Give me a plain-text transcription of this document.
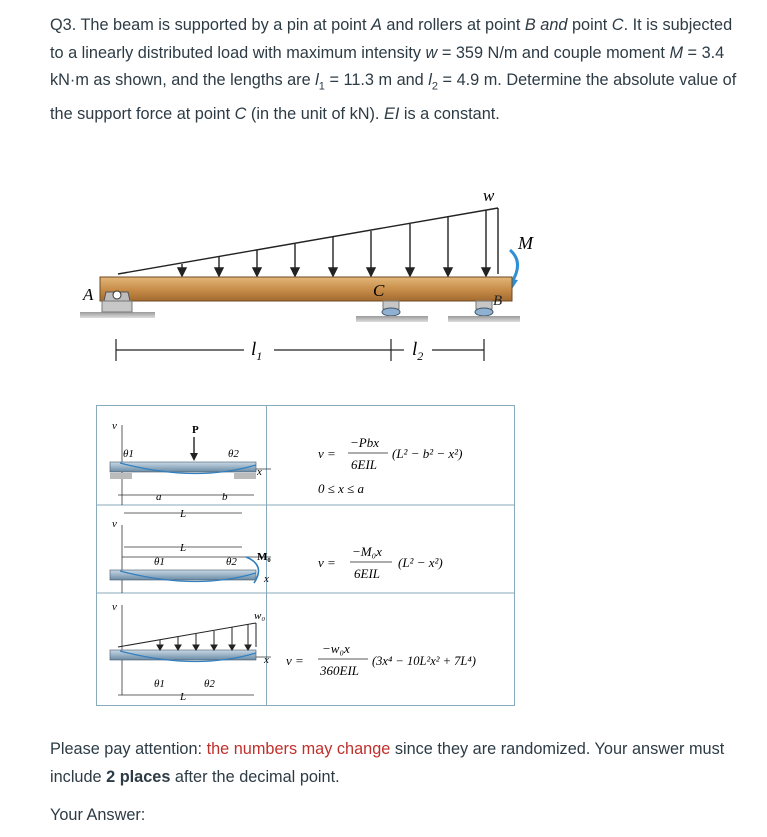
Q3. The beam is supported by a pin at point A and rollers at point B and point C. It is subjected to a linearly distributed load with maximum intensity w = 359 N/m and couple moment M = 3.4 kN·m as shown, and the lengths are $l_1 = 11.3$ m and $l_2 = 4.9$ m. Determine the absolute value of the support force at point C (in the unit of kN). EI is a constant.
w
M
A	C
B
$l_1$	$l_2$
v
θ1	θ2
P
x
a	b
L
v =
−Pbx
6EIL
(L² − b² − x²)
0 ≤ x ≤ a
v
θ1	θ2 M₀
x
L
v =
−M₀x
6EIL
(L² − x²)
v
θ1	θ2
w₀
x
L
v =
−w₀x
360EIL
(3x⁴ − 10L²x² + 7L⁴)
Please pay attention: the numbers may change since they are randomized. Your answer must include 2 places after the decimal point.
Your Answer:
